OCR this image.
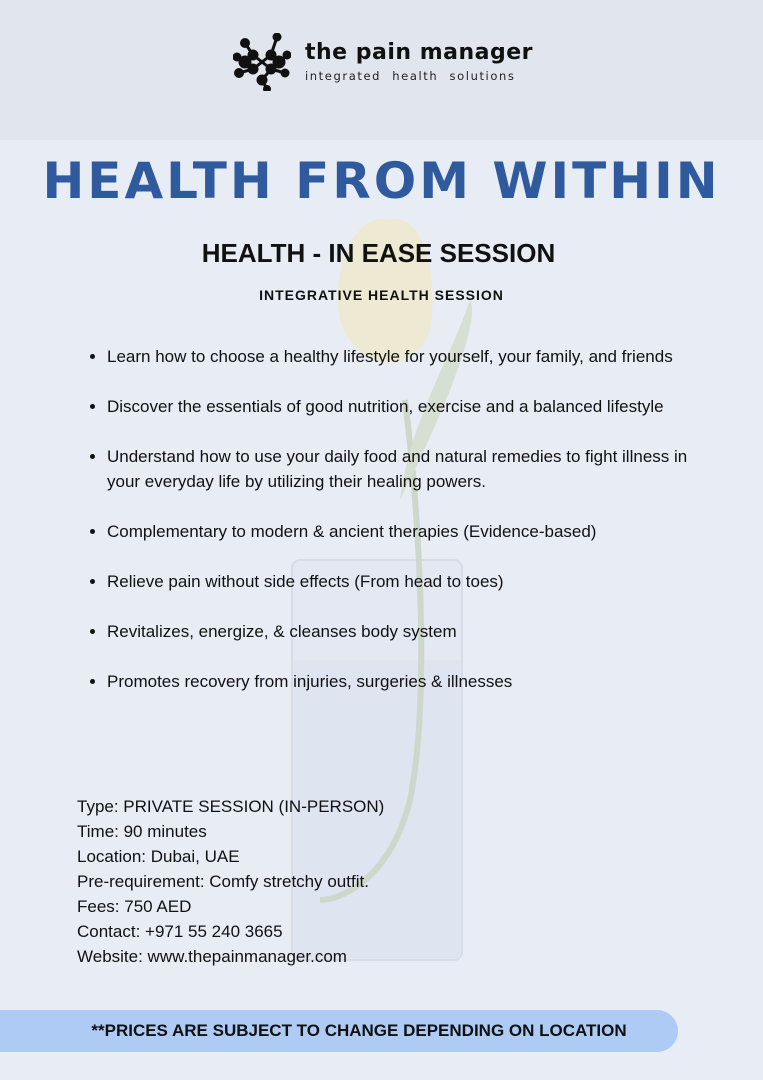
the pain manager
integrated health solutions
HEALTH FROM WITHIN
HEALTH - IN EASE SESSION
INTEGRATIVE HEALTH SESSION
• Learn how to choose a healthy lifestyle for yourself, your family, and friends
• Discover the essentials of good nutrition, exercise and a balanced lifestyle
• Understand how to use your daily food and natural remedies to fight illness in your everyday life by utilizing their healing powers.
• Complementary to modern & ancient therapies (Evidence-based)
• Relieve pain without side effects (From head to toes)
• Revitalizes, energize, & cleanses body system
• Promotes recovery from injuries, surgeries & illnesses
Type: PRIVATE SESSION (IN-PERSON)
Time: 90 minutes
Location: Dubai, UAE
Pre-requirement: Comfy stretchy outfit.
Fees: 750 AED
Contact: +971 55 240 3665
Website: www.thepainmanager.com
**PRICES ARE SUBJECT TO CHANGE DEPENDING ON LOCATION
